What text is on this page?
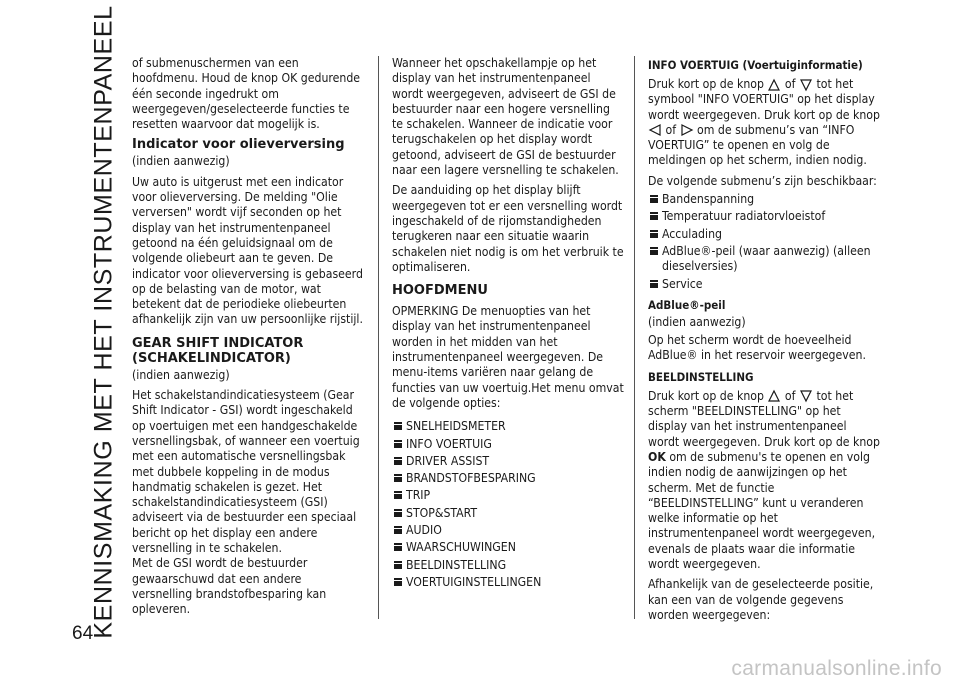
KENNISMAKING MET HET INSTRUMENTENPANEEL
64

of submenuschermen van een hoofdmenu. Houd de knop OK gedurende één seconde ingedrukt om weergegeven/geselecteerde functies te resetten waarvoor dat mogelijk is.

Indicator voor olieverversing

(indien aanwezig)

Uw auto is uitgerust met een indicator voor olieverversing. De melding "Olie verversen" wordt vijf seconden op het display van het instrumentenpaneel getoond na één geluidsignaal om de volgende oliebeurt aan te geven. De indicator voor olieverversing is gebaseerd op de belasting van de motor, wat betekent dat de periodieke oliebeurten afhankelijk zijn van uw persoonlijke rijstijl.

GEAR SHIFT INDICATOR (SCHAKELINDICATOR)

(indien aanwezig)

Het schakelstandindicatiesysteem (Gear Shift Indicator - GSI) wordt ingeschakeld op voertuigen met een handgeschakelde versnellingsbak, of wanneer een voertuig met een automatische versnellingsbak met dubbele koppeling in de modus handmatig schakelen is gezet. Het schakelstandindicatiesysteem (GSI) adviseert via de bestuurder een speciaal bericht op het display een andere versnelling in te schakelen.

Met de GSI wordt de bestuurder gewaarschuwd dat een andere versnelling brandstofbesparing kan opleveren.

Wanneer het opschakellampje op het display van het instrumentenpaneel wordt weergegeven, adviseert de GSI de bestuurder naar een hogere versnelling te schakelen. Wanneer de indicatie voor terugschakelen op het display wordt getoond, adviseert de GSI de bestuurder naar een lagere versnelling te schakelen.

De aanduiding op het display blijft weergegeven tot er een versnelling wordt ingeschakeld of de rijomstandigheden terugkeren naar een situatie waarin schakelen niet nodig is om het verbruik te optimaliseren.

HOOFDMENU

OPMERKING De menuopties van het display van het instrumentenpaneel worden in het midden van het instrumentenpaneel weergegeven. De menu-items variëren naar gelang de functies van uw voertuig.Het menu omvat de volgende opties:

SNELHEIDSMETER
INFO VOERTUIG
DRIVER ASSIST
BRANDSTOFBESPARING
TRIP
STOP&START
AUDIO
WAARSCHUWINGEN
BEELDINSTELLING
VOERTUIGINSTELLINGEN
INFO VOERTUIG (Voertuiginformatie)

Druk kort op de knop of tot het symbool "INFO VOERTUIG" op het display wordt weergegeven. Druk kort op de knop  of om de submenu’s van “INFO VOERTUIG” te openen en volg de meldingen op het scherm, indien nodig.

De volgende submenu’s zijn beschikbaar:

Bandenspanning
Temperatuur radiatorvloeistof
Acculading
AdBlue®-peil (waar aanwezig) (alleen dieselversies)
Service
AdBlue®-peil

(indien aanwezig)

Op het scherm wordt de hoeveelheid AdBlue® in het reservoir weergegeven.

BEELDINSTELLING

Druk kort op de knop of tot het scherm "BEELDINSTELLING" op het display van het instrumentenpaneel wordt weergegeven. Druk kort op de knop OK om de submenu's te openen en volg indien nodig de aanwijzingen op het scherm. Met de functie “BEELDINSTELLING” kunt u veranderen welke informatie op het instrumentenpaneel wordt weergegeven, evenals de plaats waar die informatie wordt weergegeven.

Afhankelijk van de geselecteerde positie, kan een van de volgende gegevens worden weergegeven:

carmanualsonline.info
